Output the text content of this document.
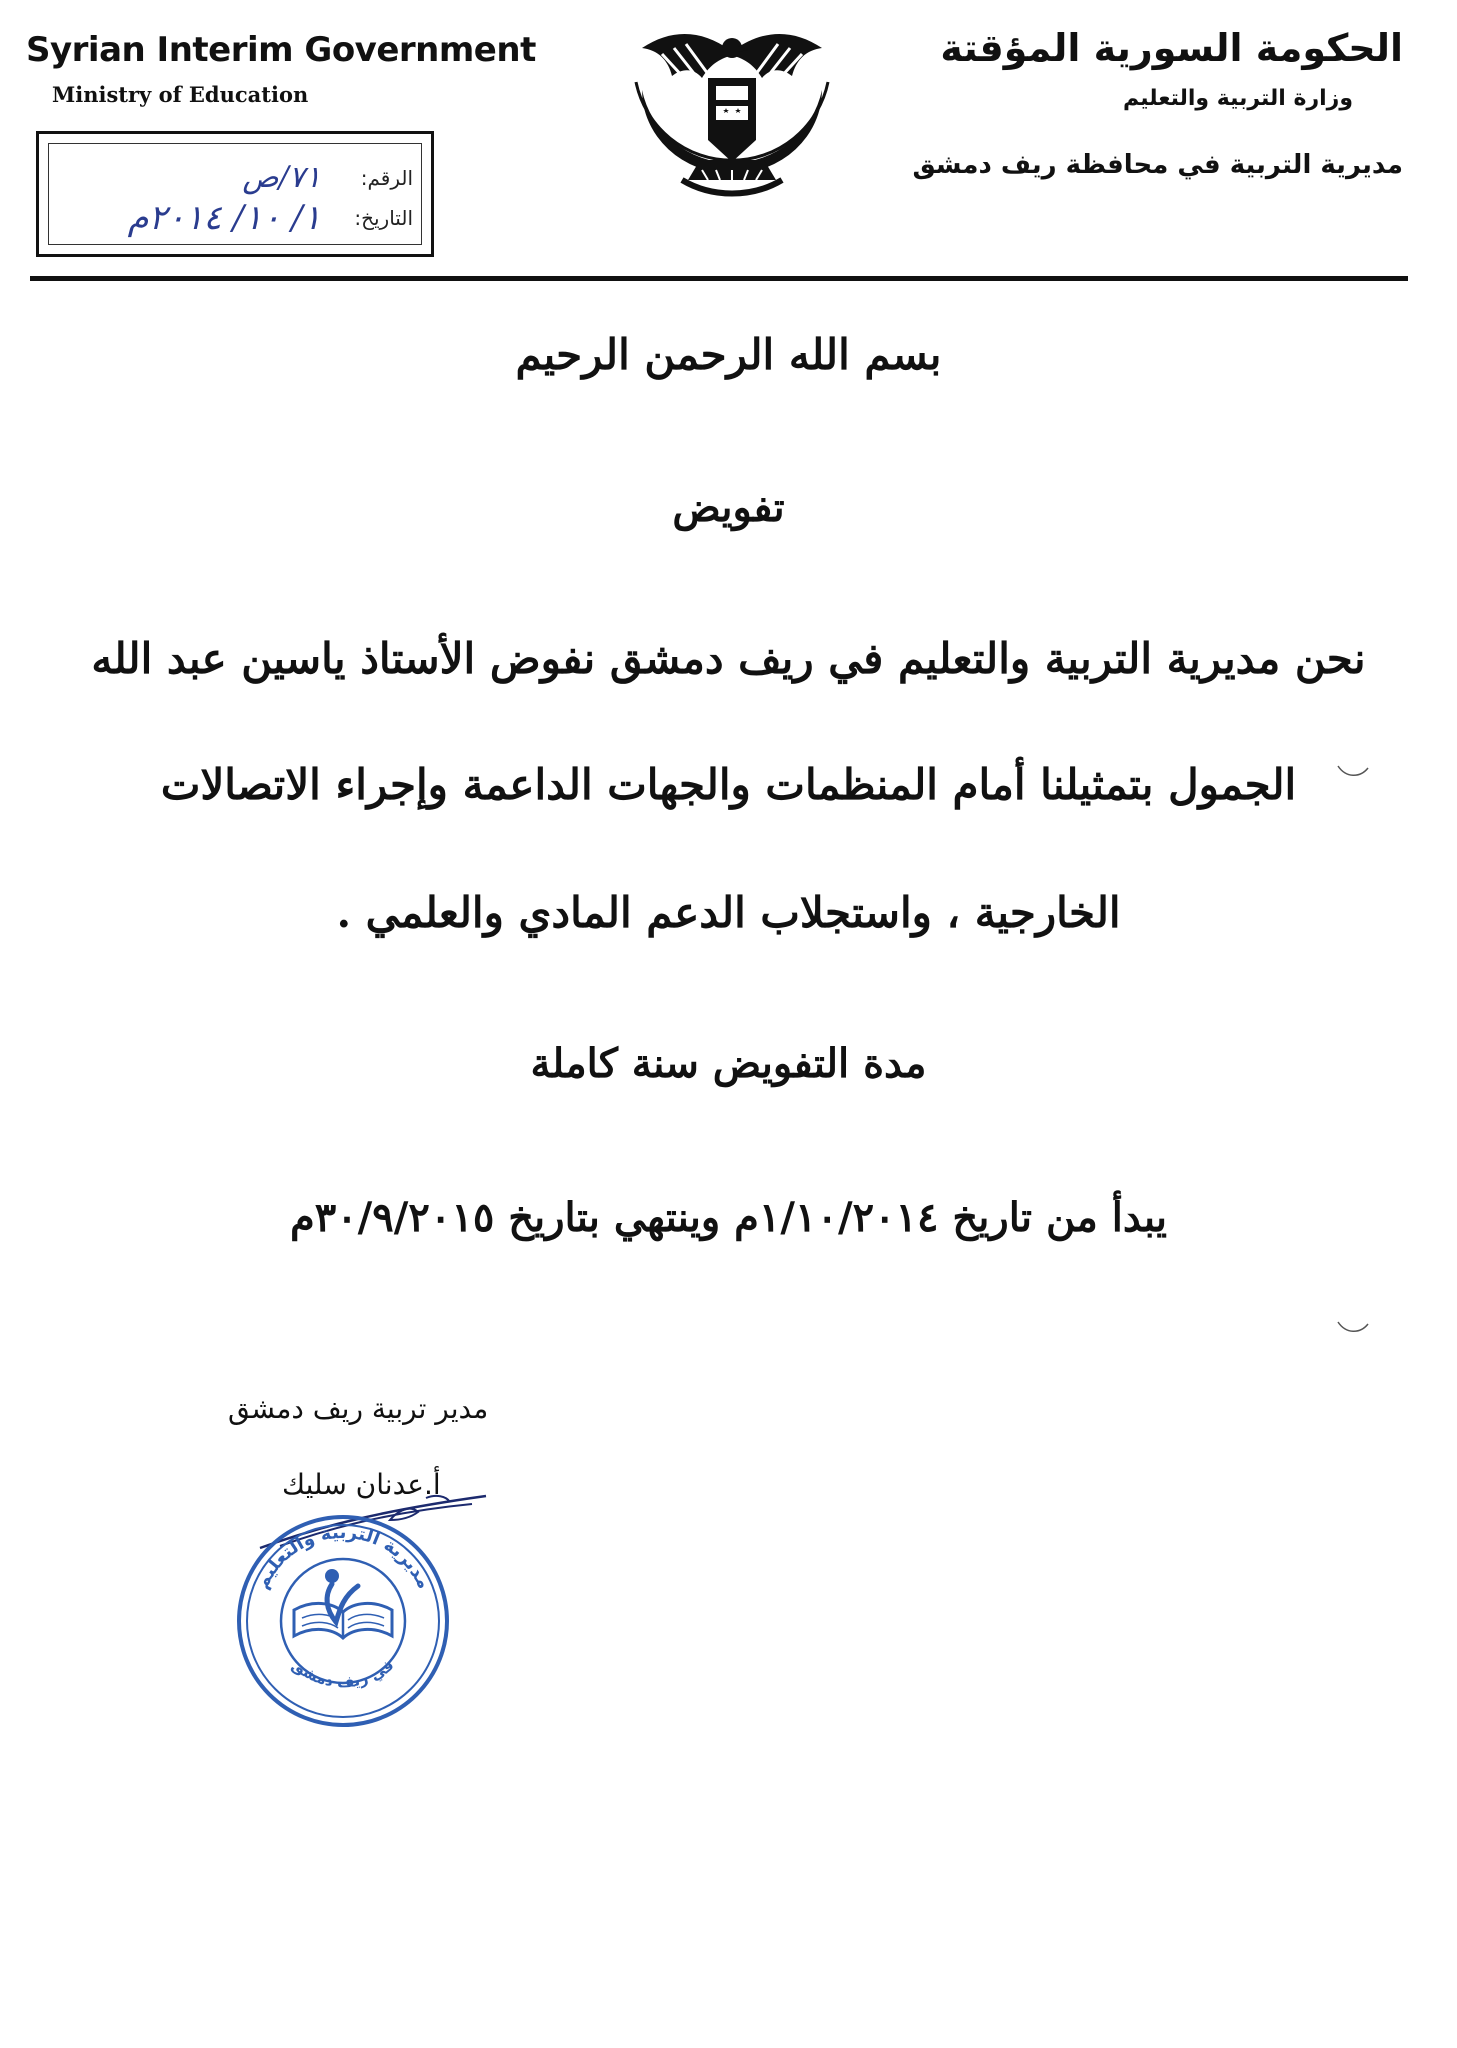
Syrian Interim Government
Ministry of Education
الرقم:
٧١/ص
التاريخ:
١/ ١٠/ ٢٠١٤م
الحكومة السورية المؤقتة
وزارة التربية والتعليم
مديرية التربية في محافظة ريف دمشق
بسم الله الرحمن الرحيم
تفويض
نحن مديرية التربية والتعليم في ريف دمشق نفوض الأستاذ ياسين عبد الله
الجمول بتمثيلنا أمام المنظمات والجهات الداعمة وإجراء الاتصالات
الخارجية ، واستجلاب الدعم المادي والعلمي .
مدة التفويض سنة كاملة
يبدأ من تاريخ ١/١٠/٢٠١٤م وينتهي بتاريخ ٣٠/٩/٢٠١٥م
مدير تربية ريف دمشق
أ.عدنان سليك
مديرية التربية والتعليم
في ريف دمشق
